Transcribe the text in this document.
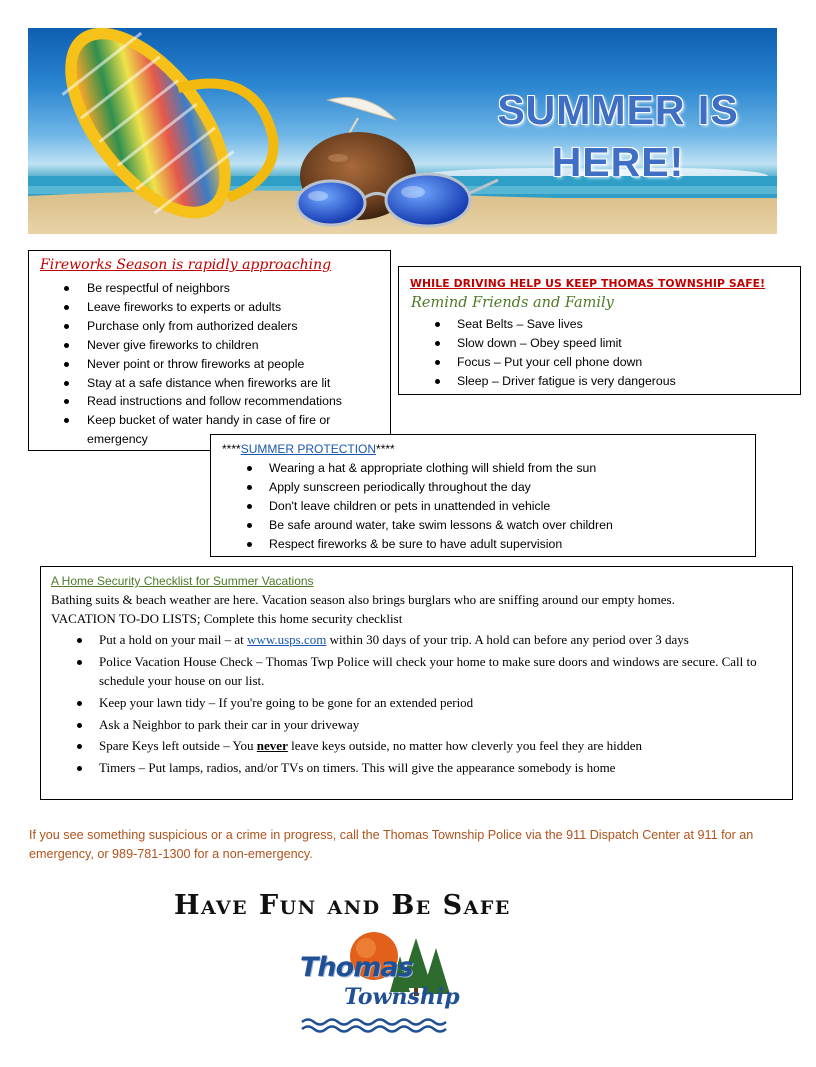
SUMMER IS
HERE!
Fireworks Season is rapidly approaching
Be respectful of neighbors
Leave fireworks to experts or adults
Purchase only from authorized dealers
Never give fireworks to children
Never point or throw fireworks at people
Stay at a safe distance when fireworks are lit
Read instructions and follow recommendations
Keep bucket of water handy in case of fire or emergency
WHILE DRIVING HELP US KEEP THOMAS TOWNSHIP SAFE!
Remind Friends and Family
Seat Belts – Save lives
Slow down – Obey speed limit
Focus – Put your cell phone down
Sleep – Driver fatigue is very dangerous
****SUMMER PROTECTION****
Wearing a hat & appropriate clothing will shield from the sun
Apply sunscreen periodically throughout the day
Don't leave children or pets in unattended in vehicle
Be safe around water, take swim lessons & watch over children
Respect fireworks & be sure to have adult supervision
A Home Security Checklist for Summer Vacations
Bathing suits & beach weather are here. Vacation season also brings burglars who are sniffing around our empty homes.
VACATION TO-DO LISTS; Complete this home security checklist
Put a hold on your mail – at www.usps.com within 30 days of your trip. A hold can before any period over 3 days
Police Vacation House Check – Thomas Twp Police will check your home to make sure doors and windows are secure. Call to schedule your house on our list.
Keep your lawn tidy – If you're going to be gone for an extended period
Ask a Neighbor to park their car in your driveway
Spare Keys left outside – You never leave keys outside, no matter how cleverly you feel they are hidden
Timers – Put lamps, radios, and/or TVs on timers. This will give the appearance somebody is home
If you see something suspicious or a crime in progress, call the Thomas Township Police via the 911 Dispatch Center at 911 for an emergency, or 989-781-1300 for a non-emergency.
Have Fun and Be Safe
Thomas
Township
